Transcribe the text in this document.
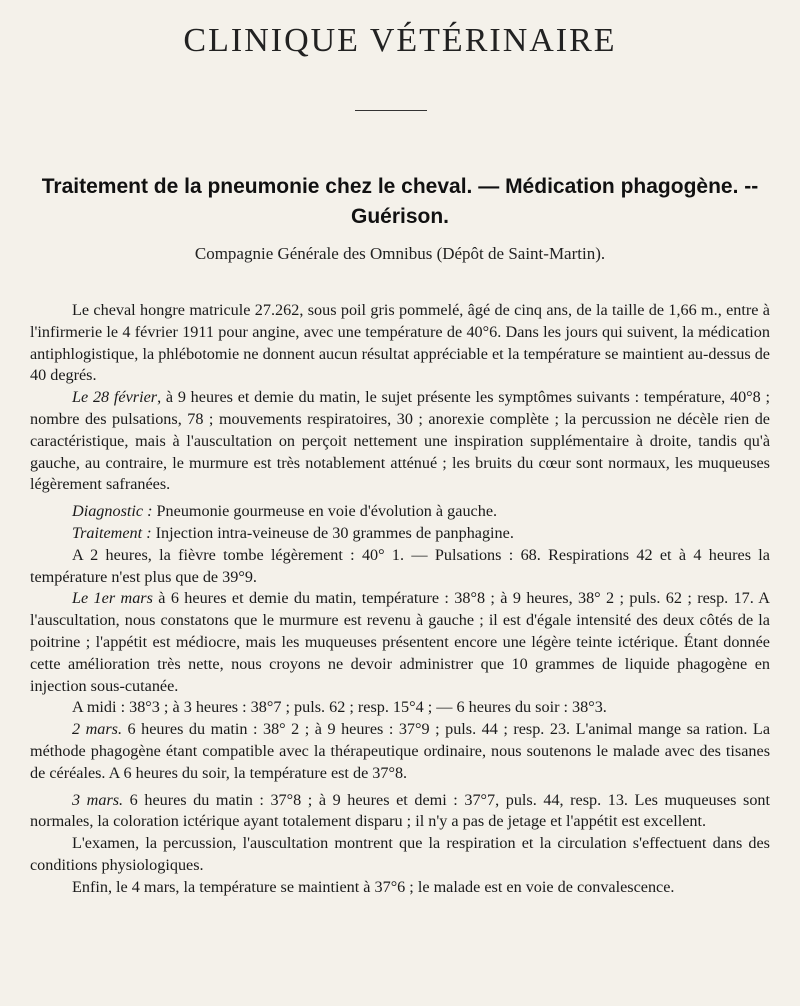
CLINIQUE VÉTÉRINAIRE
Traitement de la pneumonie chez le cheval. — Médication phagogène. -- Guérison.
Compagnie Générale des Omnibus (Dépôt de Saint-Martin).

Le cheval hongre matricule 27.262, sous poil gris pommelé, âgé de cinq ans, de la taille de 1,66 m., entre à l'infirmerie le 4 février 1911 pour angine, avec une température de 40°6. Dans les jours qui suivent, la médication antiphlogistique, la phlébotomie ne donnent aucun résultat appréciable et la température se maintient au-dessus de 40 degrés.

Le 28 février, à 9 heures et demie du matin, le sujet présente les symptômes suivants : température, 40°8 ; nombre des pulsations, 78 ; mouvements respiratoires, 30 ; anorexie complète ; la percussion ne décèle rien de caractéristique, mais à l'auscultation on perçoit nettement une inspiration supplémentaire à droite, tandis qu'à gauche, au contraire, le murmure est très notablement atténué ; les bruits du cœur sont normaux, les muqueuses légèrement safranées.

Diagnostic : Pneumonie gourmeuse en voie d'évolution à gauche.

Traitement : Injection intra-veineuse de 30 grammes de panphagine.

A 2 heures, la fièvre tombe légèrement : 40° 1. — Pulsations : 68. Respirations 42 et à 4 heures la température n'est plus que de 39°9.

Le 1er mars à 6 heures et demie du matin, température : 38°8 ; à 9 heures, 38° 2 ; puls. 62 ; resp. 17. A l'auscultation, nous constatons que le murmure est revenu à gauche ; il est d'égale intensité des deux côtés de la poitrine ; l'appétit est médiocre, mais les muqueuses présentent encore une légère teinte ictérique. Étant donnée cette amélioration très nette, nous croyons ne devoir administrer que 10 grammes de liquide phagogène en injection sous-cutanée.

A midi : 38°3 ; à 3 heures : 38°7 ; puls. 62 ; resp. 15°4 ; — 6 heures du soir : 38°3.

2 mars. 6 heures du matin : 38° 2 ; à 9 heures : 37°9 ; puls. 44 ; resp. 23. L'animal mange sa ration. La méthode phagogène étant compatible avec la thérapeutique ordinaire, nous soutenons le malade avec des tisanes de céréales. A 6 heures du soir, la température est de 37°8.

3 mars. 6 heures du matin : 37°8 ; à 9 heures et demi : 37°7, puls. 44, resp. 13. Les muqueuses sont normales, la coloration ictérique ayant totalement disparu ; il n'y a pas de jetage et l'appétit est excellent.

L'examen, la percussion, l'auscultation montrent que la respiration et la circulation s'effectuent dans des conditions physiologiques.

Enfin, le 4 mars, la température se maintient à 37°6 ; le malade est en voie de convalescence.
